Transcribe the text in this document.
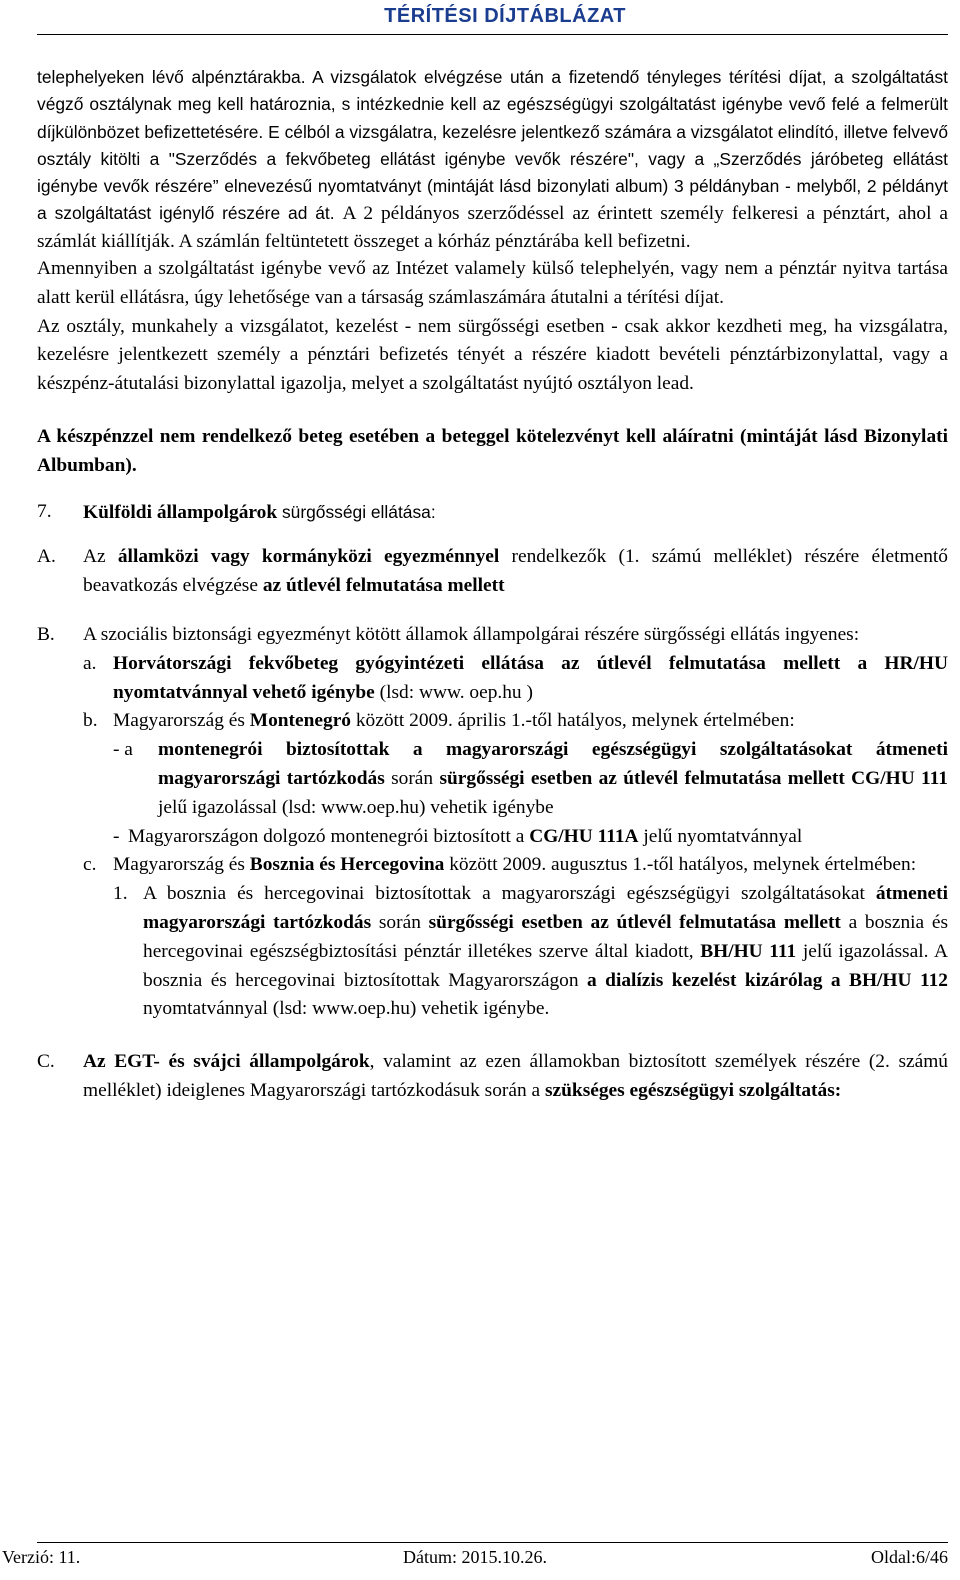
TÉRÍTÉSI DÍJTÁBLÁZAT

telephelyeken lévő alpénztárakba. A vizsgálatok elvégzése után a fizetendő tényleges térítési díjat, a szolgáltatást végző osztálynak meg kell határoznia, s intézkednie kell az egészségügyi szolgáltatást igénybe vevő felé a felmerült díjkülönbözet befizettetésére. E célból a vizsgálatra, kezelésre jelentkező számára a vizsgálatot elindító, illetve felvevő osztály kitölti a "Szerződés a fekvőbeteg ellátást igénybe vevők részére", vagy a „Szerződés járóbeteg ellátást igénybe vevők részére” elnevezésű nyomtatványt (mintáját lásd bizonylati album) 3 példányban - melyből, 2 példányt a szolgáltatást igénylő részére ad át. A 2 példányos szerződéssel az érintett személy felkeresi a pénztárt, ahol a számlát kiállítják. A számlán feltüntetett összeget a kórház pénztárába kell befizetni.

Amennyiben a szolgáltatást igénybe vevő az Intézet valamely külső telephelyén, vagy nem a pénztár nyitva tartása alatt kerül ellátásra, úgy lehetősége van a társaság számlaszámára átutalni a térítési díjat.

Az osztály, munkahely a vizsgálatot, kezelést - nem sürgősségi esetben - csak akkor kezdheti meg, ha vizsgálatra, kezelésre jelentkezett személy a pénztári befizetés tényét a részére kiadott bevételi pénztárbizonylattal, vagy a készpénz-átutalási bizonylattal igazolja, melyet a szolgáltatást nyújtó osztályon lead.

A készpénzzel nem rendelkező beteg esetében a beteggel kötelezvényt kell aláíratni (mintáját lásd Bizonylati Albumban).

7.	Külföldi állampolgárok sürgősségi ellátása:
A.	Az államközi vagy kormányközi egyezménnyel rendelkezők (1. számú melléklet) részére életmentő beavatkozás elvégzése az útlevél felmutatása mellett
B.	A szociális biztonsági egyezményt kötött államok állampolgárai részére sürgősségi ellátás ingyenes:
a. Horvátországi fekvőbeteg gyógyintézeti ellátása az útlevél felmutatása mellett a HR/HU nyomtatvánnyal vehető igénybe (lsd: www. oep.hu )
b. Magyarország és Montenegró között 2009. április 1.-től hatályos, melynek értelmében:
- a	montenegrói biztosítottak a magyarországi egészségügyi szolgáltatásokat átmeneti magyarországi tartózkodás során sürgősségi esetben az útlevél felmutatása mellett CG/HU 111 jelű igazolással (lsd: www.oep.hu) vehetik igénybe
- Magyarországon dolgozó montenegrói biztosított a CG/HU 111A jelű nyomtatvánnyal
c. Magyarország és Bosznia és Hercegovina között 2009. augusztus 1.-től hatályos, melynek értelmében:
1. A bosznia és hercegovinai biztosítottak a magyarországi egészségügyi szolgáltatásokat átmeneti magyarországi tartózkodás során sürgősségi esetben az útlevél felmutatása mellett a bosznia és hercegovinai egészségbiztosítási pénztár illetékes szerve által kiadott, BH/HU 111 jelű igazolással. A bosznia és hercegovinai biztosítottak Magyarországon a dialízis kezelést kizárólag a BH/HU 112 nyomtatvánnyal (lsd: www.oep.hu) vehetik igénybe.
C.	Az EGT- és svájci állampolgárok, valamint az ezen államokban biztosított személyek részére (2. számú melléklet) ideiglenes Magyarországi tartózkodásuk során a szükséges egészségügyi szolgáltatás:
Verzió: 11.	Dátum: 2015.10.26.	Oldal:6/46
